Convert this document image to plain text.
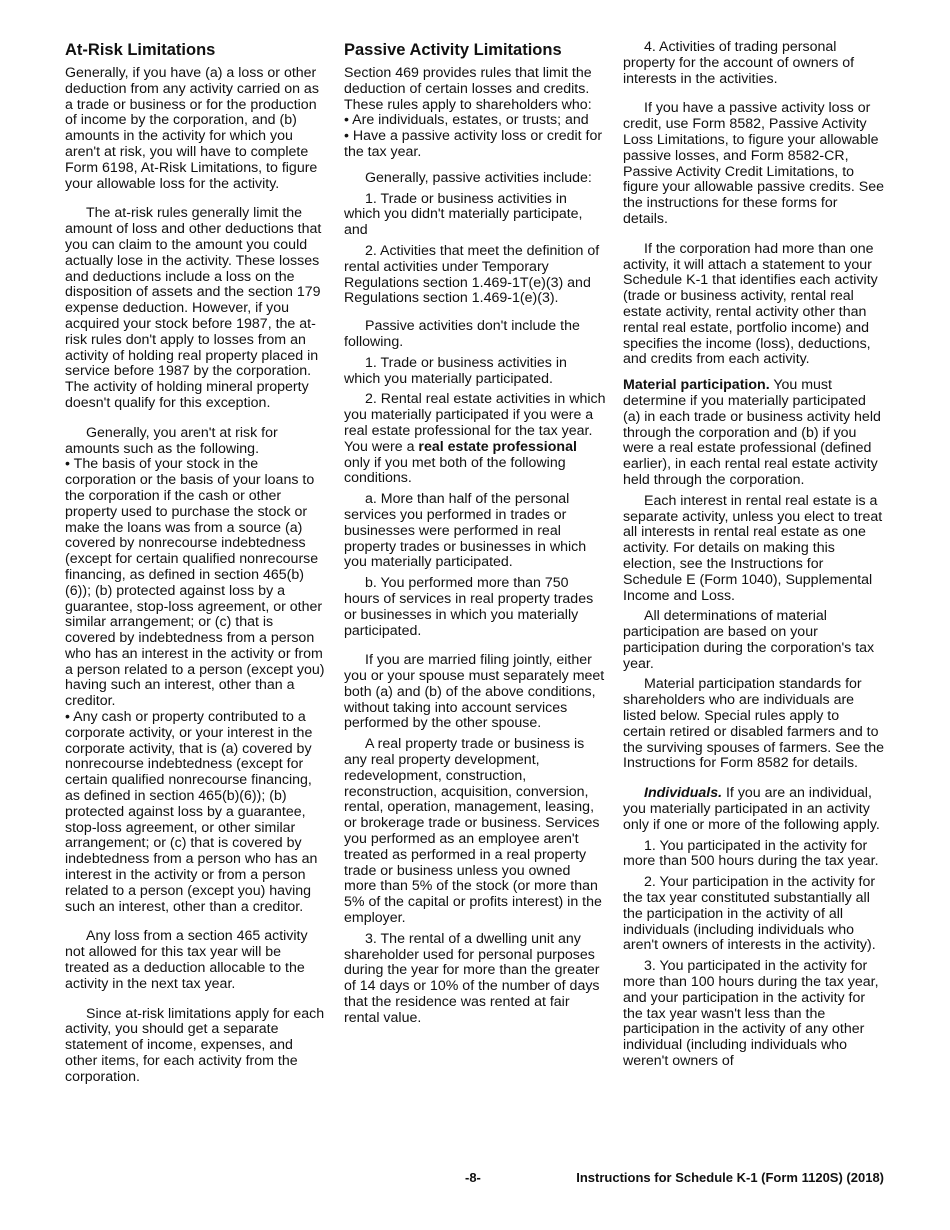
At-Risk Limitations

Generally, if you have (a) a loss or other deduction from any activity carried on as a trade or business or for the production of income by the corporation, and (b) amounts in the activity for which you aren't at risk, you will have to complete Form 6198, At-Risk Limitations, to figure your allowable loss for the activity.

The at-risk rules generally limit the amount of loss and other deductions that you can claim to the amount you could actually lose in the activity. These losses and deductions include a loss on the disposition of assets and the section 179 expense deduction. However, if you acquired your stock before 1987, the at-risk rules don't apply to losses from an activity of holding real property placed in service before 1987 by the corporation. The activity of holding mineral property doesn't qualify for this exception.

Generally, you aren't at risk for amounts such as the following.

• The basis of your stock in the corporation or the basis of your loans to the corporation if the cash or other property used to purchase the stock or make the loans was from a source (a) covered by nonrecourse indebtedness (except for certain qualified nonrecourse financing, as defined in section 465(b)(6)); (b) protected against loss by a guarantee, stop-loss agreement, or other similar arrangement; or (c) that is covered by indebtedness from a person who has an interest in the activity or from a person related to a person (except you) having such an interest, other than a creditor.

• Any cash or property contributed to a corporate activity, or your interest in the corporate activity, that is (a) covered by nonrecourse indebtedness (except for certain qualified nonrecourse financing, as defined in section 465(b)(6)); (b) protected against loss by a guarantee, stop-loss agreement, or other similar arrangement; or (c) that is covered by indebtedness from a person who has an interest in the activity or from a person related to a person (except you) having such an interest, other than a creditor.

Any loss from a section 465 activity not allowed for this tax year will be treated as a deduction allocable to the activity in the next tax year.

Since at-risk limitations apply for each activity, you should get a separate statement of income, expenses, and other items, for each activity from the corporation.

Passive Activity Limitations

Section 469 provides rules that limit the deduction of certain losses and credits. These rules apply to shareholders who:

• Are individuals, estates, or trusts; and

• Have a passive activity loss or credit for the tax year.

Generally, passive activities include:

1. Trade or business activities in which you didn't materially participate, and

2. Activities that meet the definition of rental activities under Temporary Regulations section 1.469-1T(e)(3) and Regulations section 1.469-1(e)(3).

Passive activities don't include the following.

1. Trade or business activities in which you materially participated.

2. Rental real estate activities in which you materially participated if you were a real estate professional for the tax year. You were a real estate professional only if you met both of the following conditions.

a. More than half of the personal services you performed in trades or businesses were performed in real property trades or businesses in which you materially participated.

b. You performed more than 750 hours of services in real property trades or businesses in which you materially participated.

If you are married filing jointly, either you or your spouse must separately meet both (a) and (b) of the above conditions, without taking into account services performed by the other spouse.

A real property trade or business is any real property development, redevelopment, construction, reconstruction, acquisition, conversion, rental, operation, management, leasing, or brokerage trade or business. Services you performed as an employee aren't treated as performed in a real property trade or business unless you owned more than 5% of the stock (or more than 5% of the capital or profits interest) in the employer.

3. The rental of a dwelling unit any shareholder used for personal purposes during the year for more than the greater of 14 days or 10% of the number of days that the residence was rented at fair rental value.

4. Activities of trading personal property for the account of owners of interests in the activities.

If you have a passive activity loss or credit, use Form 8582, Passive Activity Loss Limitations, to figure your allowable passive losses, and Form 8582-CR, Passive Activity Credit Limitations, to figure your allowable passive credits. See the instructions for these forms for details.

If the corporation had more than one activity, it will attach a statement to your Schedule K-1 that identifies each activity (trade or business activity, rental real estate activity, rental activity other than rental real estate, portfolio income) and specifies the income (loss), deductions, and credits from each activity.

Material participation. You must determine if you materially participated (a) in each trade or business activity held through the corporation and (b) if you were a real estate professional (defined earlier), in each rental real estate activity held through the corporation.

Each interest in rental real estate is a separate activity, unless you elect to treat all interests in rental real estate as one activity. For details on making this election, see the Instructions for Schedule E (Form 1040), Supplemental Income and Loss.

All determinations of material participation are based on your participation during the corporation's tax year.

Material participation standards for shareholders who are individuals are listed below. Special rules apply to certain retired or disabled farmers and to the surviving spouses of farmers. See the Instructions for Form 8582 for details.

Individuals. If you are an individual, you materially participated in an activity only if one or more of the following apply.

1. You participated in the activity for more than 500 hours during the tax year.

2. Your participation in the activity for the tax year constituted substantially all the participation in the activity of all individuals (including individuals who aren't owners of interests in the activity).

3. You participated in the activity for more than 100 hours during the tax year, and your participation in the activity for the tax year wasn't less than the participation in the activity of any other individual (including individuals who weren't owners of

-8-	Instructions for Schedule K-1 (Form 1120S) (2018)
